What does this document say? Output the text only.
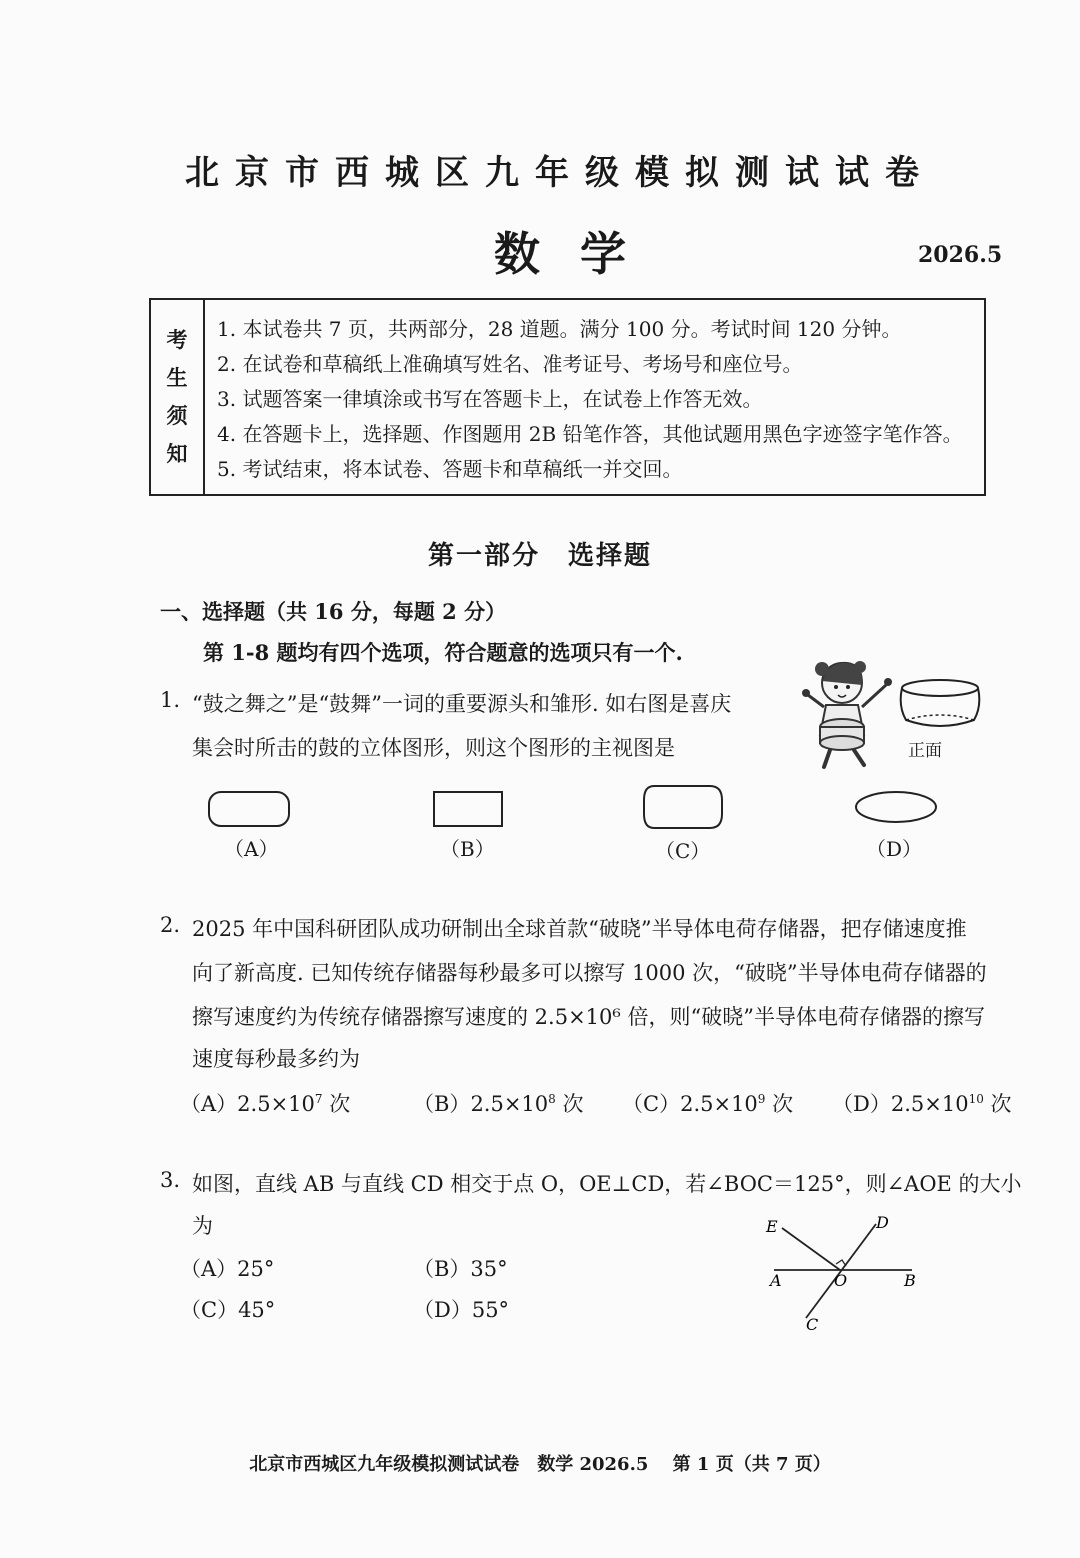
北京市西城区九年级模拟测试试卷
数学	2026.5
考
生
须
知
1. 本试卷共 7 页，共两部分，28 道题。满分 100 分。考试时间 120 分钟。
2. 在试卷和草稿纸上准确填写姓名、准考证号、考场号和座位号。
3. 试题答案一律填涂或书写在答题卡上，在试卷上作答无效。
4. 在答题卡上，选择题、作图题用 2B 铅笔作答，其他试题用黑色字迹签字笔作答。
5. 考试结束，将本试卷、答题卡和草稿纸一并交回。
第一部分　选择题
一、选择题（共 16 分，每题 2 分）
第 1-8 题均有四个选项，符合题意的选项只有一个.
1. “鼓之舞之”是“鼓舞”一词的重要源头和雏形. 如右图是喜庆
集会时所击的鼓的立体图形，则这个图形的主视图是	正面
（A）	（B）	（C）	（D）
2. 2025 年中国科研团队成功研制出全球首款“破晓”半导体电荷存储器，把存储速度推
向了新高度. 已知传统存储器每秒最多可以擦写 1000 次，“破晓”半导体电荷存储器的
擦写速度约为传统存储器擦写速度的 2.5×10⁶ 倍，则“破晓”半导体电荷存储器的擦写
速度每秒最多约为
$(A)2.5\times 10^7$ 次	$(B)2.5\times 10^8$ 次 $(C)2.5\times 10^9$ 次 $(D)2.5\times 10^{10}$ 次
3. 如图，直线 AB 与直线 CD 相交于点 O，OE⊥CD，若∠BOC＝125°，则∠AOE 的大小
为
（A）25°	（B）35°
（C）45°	（D）55°
E	D
A	O	B
C
北京市西城区九年级模拟测试试卷　数学 2026.5　 第 1 页（共 7 页）
